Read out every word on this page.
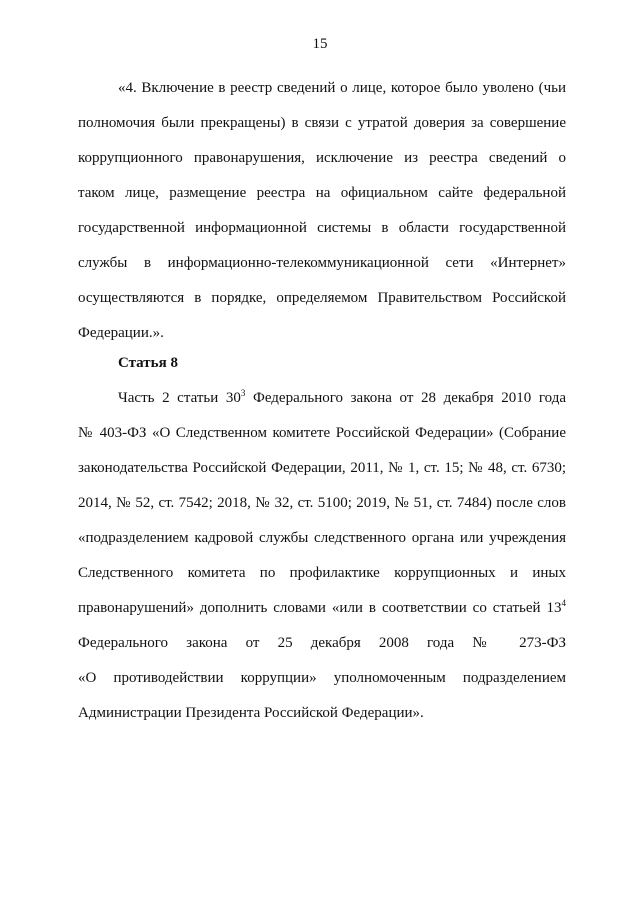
15
«4. Включение в реестр сведений о лице, которое было уволено (чьи
полномочия были прекращены) в связи с утратой доверия за совершение
коррупционного правонарушения, исключение из реестра сведений о
таком лице, размещение реестра на официальном сайте федеральной
государственной информационной системы в области государственной
службы в информационно-телекоммуникационной сети «Интернет»
осуществляются в порядке, определяемом Правительством Российской
Федерации.».
Статья 8
Часть 2 статьи $30^3$ Федерального закона от 28 декабря 2010 года
№ 403-ФЗ «О Следственном комитете Российской Федерации» (Собрание
законодательства Российской Федерации, 2011, № 1, ст. 15; № 48, ст. 6730;
2014, № 52, ст. 7542; 2018, № 32, ст. 5100; 2019, № 51, ст. 7484) после слов
«подразделением кадровой службы следственного органа или учреждения
Следственного комитета по профилактике коррупционных и иных
правонарушений» дополнить словами «или в соответствии со статьей $13^4$
Федерального закона от 25 декабря 2008 года № 273-ФЗ
«О противодействии коррупции» уполномоченным подразделением
Администрации Президента Российской Федерации».
